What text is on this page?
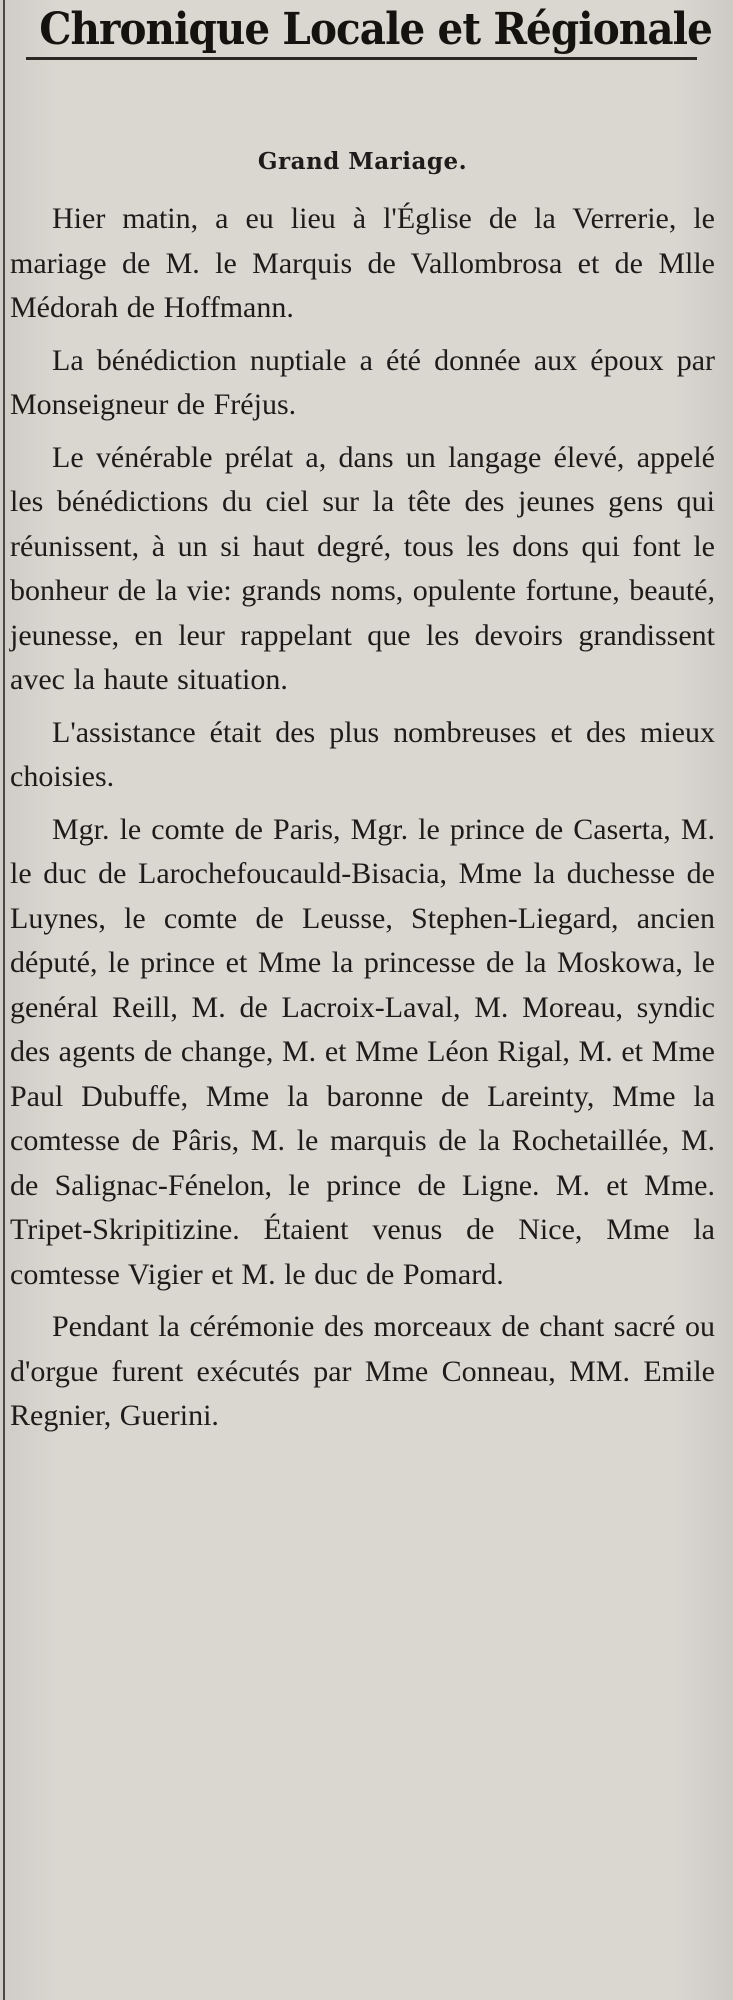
Chronique Locale et Régionale
Grand Mariage.

Hier matin, a eu lieu à l'Église de la Verrerie, le mariage de M. le Marquis de Vallombrosa et de Mlle Médorah de Hoffmann.

La bénédiction nuptiale a été donnée aux époux par Monseigneur de Fréjus.

Le vénérable prélat a, dans un langage élevé, appelé les bénédictions du ciel sur la tête des jeunes gens qui réunissent, à un si haut degré, tous les dons qui font le bonheur de la vie: grands noms, opulente fortune, beauté, jeunesse, en leur rappelant que les devoirs grandissent avec la haute situation.

L'assistance était des plus nombreuses et des mieux choisies.

Mgr. le comte de Paris, Mgr. le prince de Caserta, M. le duc de Larochefoucauld-Bisacia, Mme la duchesse de Luynes, le comte de Leusse, Stephen-Liegard, ancien député, le prince et Mme la princesse de la Moskowa, le genéral Reill, M. de Lacroix-Laval, M. Moreau, syndic des agents de change, M. et Mme Léon Rigal, M. et Mme Paul Dubuffe, Mme la baronne de Lareinty, Mme la comtesse de Pâris, M. le marquis de la Rochetaillée, M. de Salignac-Fénelon, le prince de Ligne. M. et Mme. Tripet-Skripitizine. Étaient venus de Nice, Mme la comtesse Vigier et M. le duc de Pomard.

Pendant la cérémonie des morceaux de chant sacré ou d'orgue furent exécutés par Mme Conneau, MM. Emile Regnier, Guerini.
